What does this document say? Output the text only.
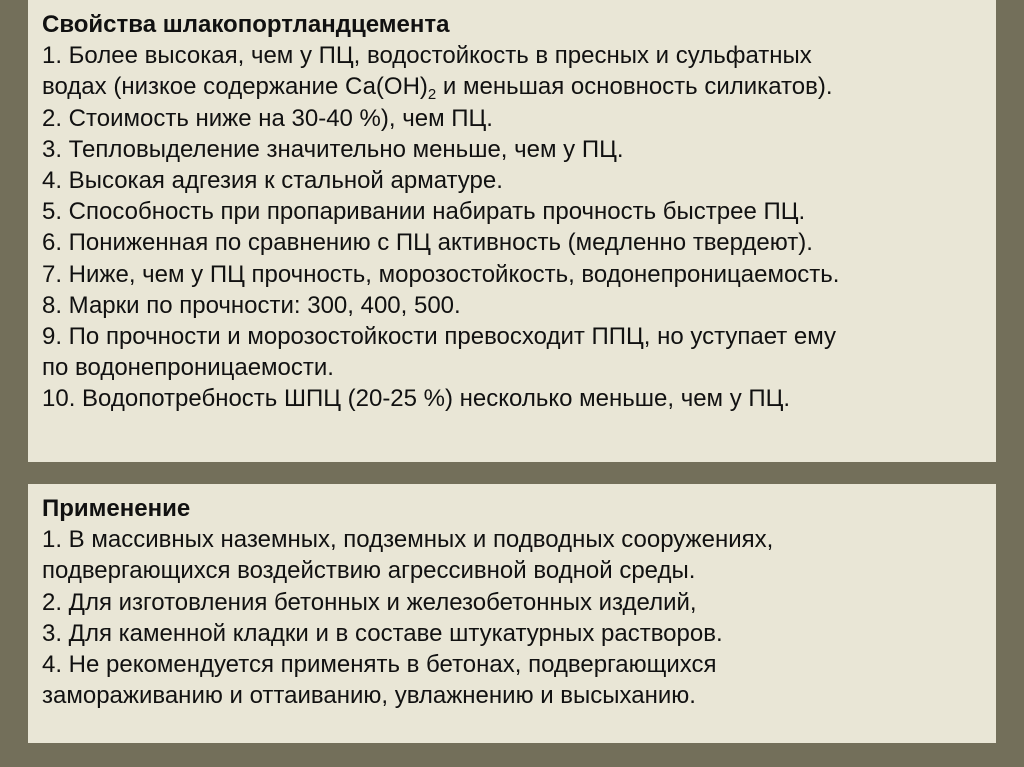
Свойства шлакопортландцемента
1. Более высокая, чем у ПЦ, водостойкость в пресных и сульфатных
водах (низкое содержание $Са(ОН)_2$ и меньшая основность силикатов).
2. Стоимость ниже на 30-40 %), чем ПЦ.
3. Тепловыделение значительно меньше, чем у ПЦ.
4. Высокая адгезия к стальной арматуре.
5. Способность при пропаривании набирать прочность быстрее ПЦ.
6. Пониженная по сравнению с ПЦ активность (медленно твердеют).
7. Ниже, чем у ПЦ прочность, морозостойкость, водонепроницаемость.
8. Марки по прочности: 300, 400, 500.
9. По прочности и морозостойкости превосходит ППЦ, но уступает ему
по водонепроницаемости.
10. Водопотребность ШПЦ (20-25 %) несколько меньше, чем у ПЦ.
Применение
1. В массивных наземных, подземных и подводных сооружениях,
подвергающихся воздействию агрессивной водной среды.
2. Для изготовления бетонных и железобетонных изделий,
3. Для каменной кладки и в составе штукатурных растворов.
4. Не рекомендуется применять в бетонах, подвергающихся
замораживанию и оттаиванию, увлажнению и высыханию.
